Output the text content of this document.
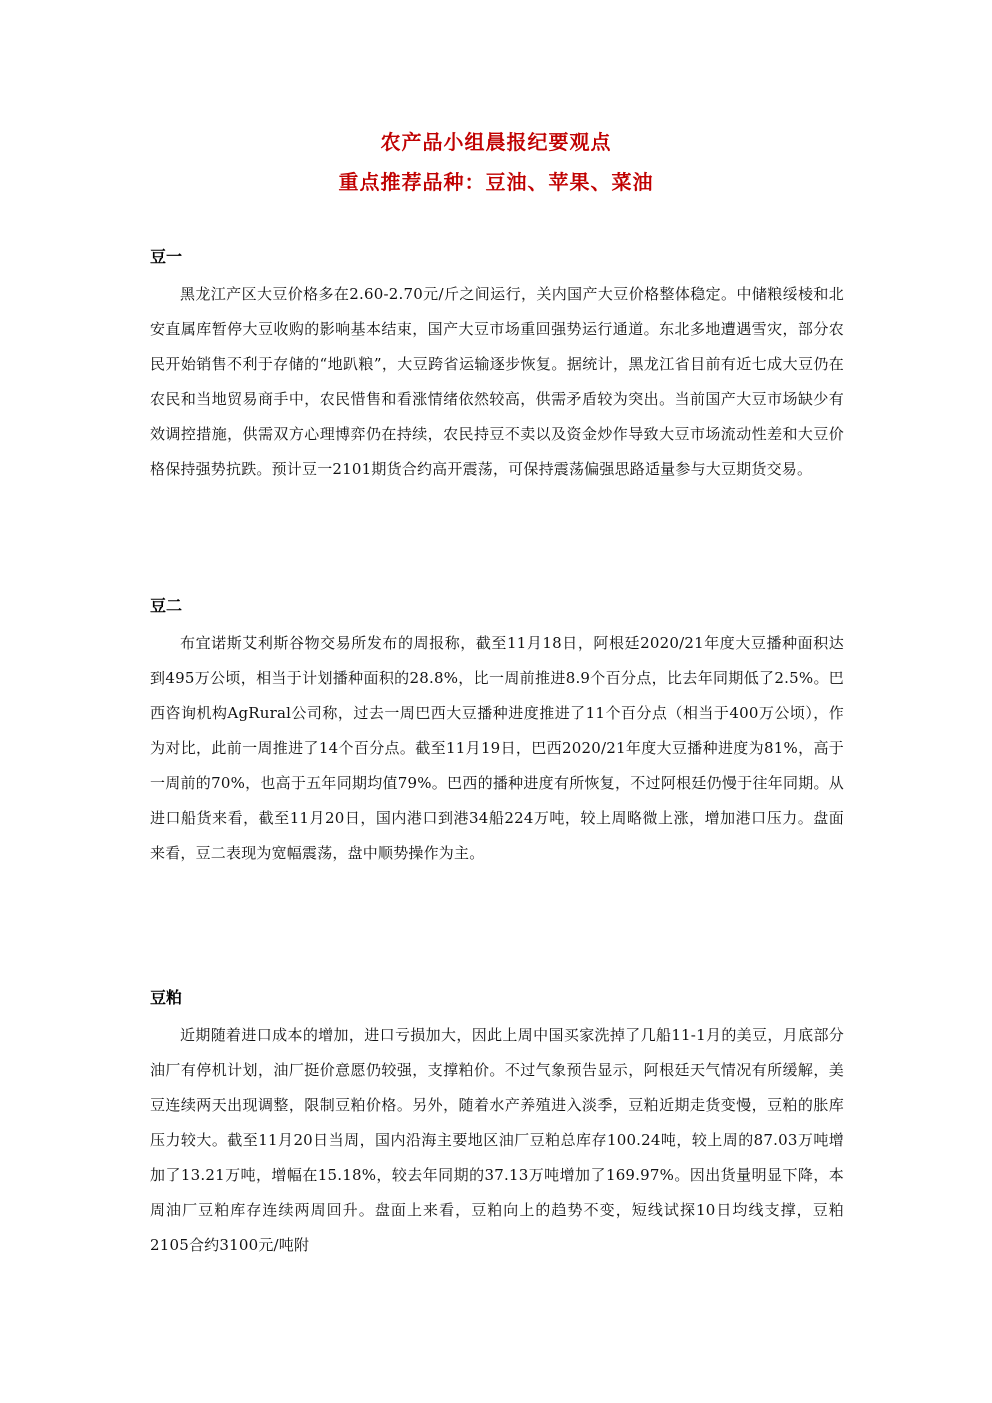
农产品小组晨报纪要观点
重点推荐品种：豆油、苹果、菜油
豆一

黑龙江产区大豆价格多在2.60-2.70元/斤之间运行，关内国产大豆价格整体稳定。中储粮绥棱和北安直属库暂停大豆收购的影响基本结束，国产大豆市场重回强势运行通道。东北多地遭遇雪灾，部分农民开始销售不利于存储的“地趴粮”，大豆跨省运输逐步恢复。据统计，黑龙江省目前有近七成大豆仍在农民和当地贸易商手中，农民惜售和看涨情绪依然较高，供需矛盾较为突出。当前国产大豆市场缺少有效调控措施，供需双方心理博弈仍在持续，农民持豆不卖以及资金炒作导致大豆市场流动性差和大豆价格保持强势抗跌。预计豆一2101期货合约高开震荡，可保持震荡偏强思路适量参与大豆期货交易。

豆二

布宜诺斯艾利斯谷物交易所发布的周报称，截至11月18日，阿根廷2020/21年度大豆播种面积达到495万公顷，相当于计划播种面积的28.8%，比一周前推进8.9个百分点，比去年同期低了2.5%。巴西咨询机构AgRural公司称，过去一周巴西大豆播种进度推进了11个百分点（相当于400万公顷），作为对比，此前一周推进了14个百分点。截至11月19日，巴西2020/21年度大豆播种进度为81%，高于一周前的70%，也高于五年同期均值79%。巴西的播种进度有所恢复，不过阿根廷仍慢于往年同期。从进口船货来看，截至11月20日，国内港口到港34船224万吨，较上周略微上涨，增加港口压力。盘面来看，豆二表现为宽幅震荡，盘中顺势操作为主。

豆粕

近期随着进口成本的增加，进口亏损加大，因此上周中国买家洗掉了几船11-1月的美豆，月底部分油厂有停机计划，油厂挺价意愿仍较强，支撑粕价。不过气象预告显示，阿根廷天气情况有所缓解，美豆连续两天出现调整，限制豆粕价格。另外，随着水产养殖进入淡季，豆粕近期走货变慢，豆粕的胀库压力较大。截至11月20日当周，国内沿海主要地区油厂豆粕总库存100.24吨，较上周的87.03万吨增加了13.21万吨，增幅在15.18%，较去年同期的37.13万吨增加了169.97%。因出货量明显下降，本周油厂豆粕库存连续两周回升。盘面上来看，豆粕向上的趋势不变，短线试探10日均线支撑，豆粕2105合约3100元/吨附
